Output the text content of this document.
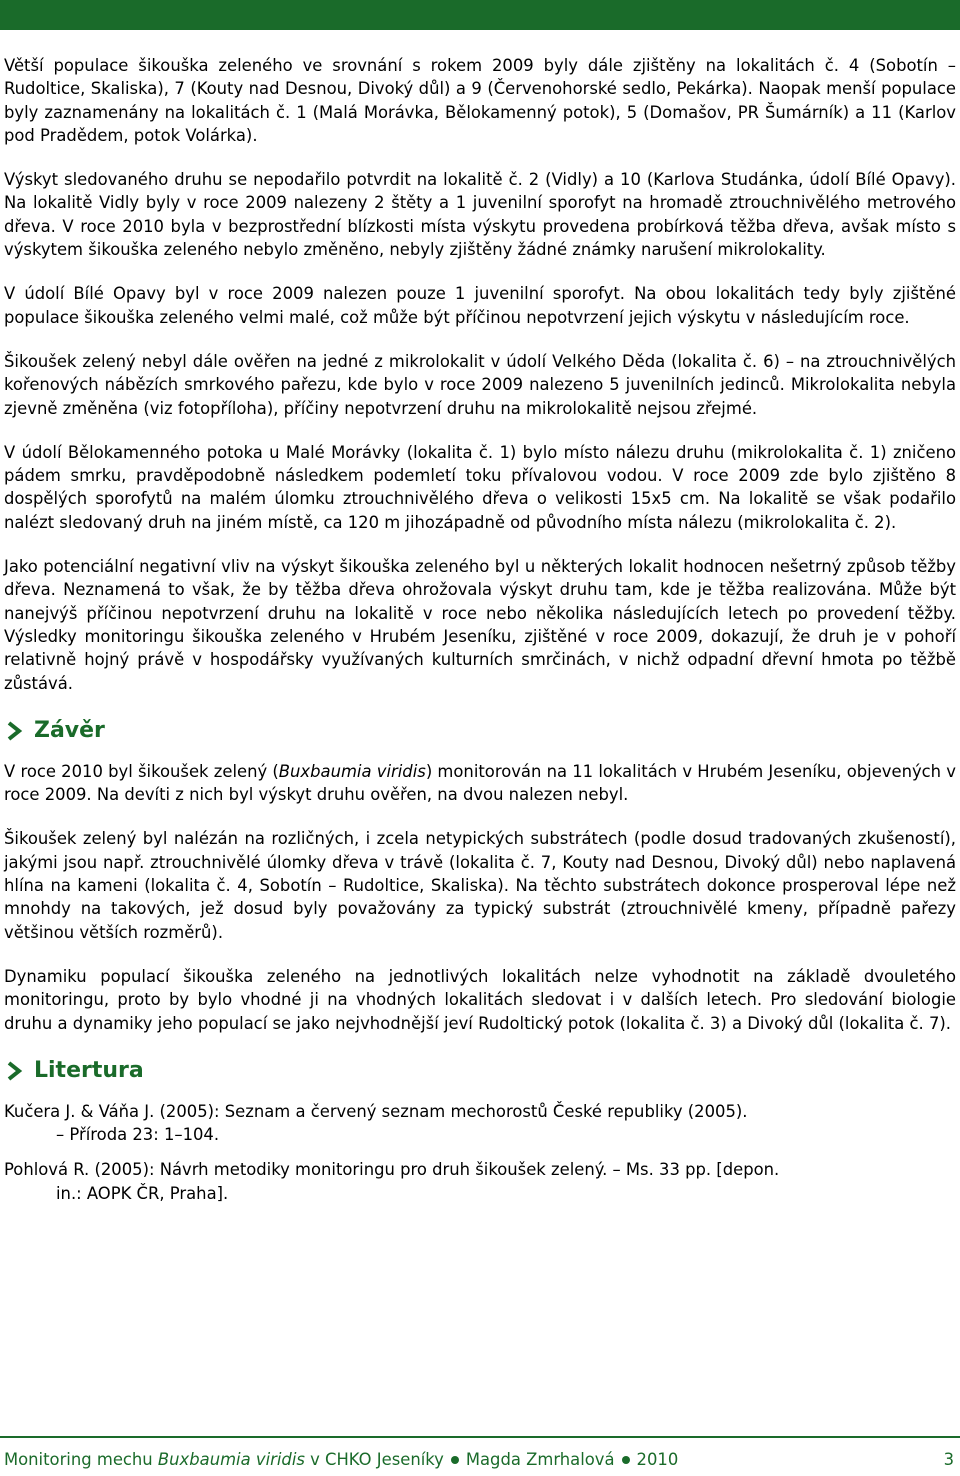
Větší populace šikouška zeleného ve srovnání s rokem 2009 byly dále zjištěny na lokalitách č. 4 (Sobotín – Rudoltice, Skaliska), 7 (Kouty nad Desnou, Divoký důl) a 9 (Červenohorské sedlo, Pekárka). Naopak menší populace byly zaznamenány na lokalitách č. 1 (Malá Morávka, Bělokamenný potok), 5 (Domašov, PR Šumárník) a 11 (Karlov pod Pradědem, potok Volárka).

Výskyt sledovaného druhu se nepodařilo potvrdit na lokalitě č. 2 (Vidly) a 10 (Karlova Studánka, údolí Bílé Opavy). Na lokalitě Vidly byly v roce 2009 nalezeny 2 štěty a 1 juvenilní sporofyt na hromadě ztrouchnivělého metrového dřeva. V roce 2010 byla v bezprostřední blízkosti místa výskytu provedena probírková těžba dřeva, avšak místo s výskytem šikouška zeleného nebylo změněno, nebyly zjištěny žádné známky narušení mikrolokality.

V údolí Bílé Opavy byl v roce 2009 nalezen pouze 1 juvenilní sporofyt. Na obou lokalitách tedy byly zjištěné populace šikouška zeleného velmi malé, což může být příčinou nepotvrzení jejich výskytu v následujícím roce.

Šikoušek zelený nebyl dále ověřen na jedné z mikrolokalit v údolí Velkého Děda (lokalita č. 6) – na ztrouchnivělých kořenových nábězích smrkového pařezu, kde bylo v roce 2009 nalezeno 5 juvenilních jedinců. Mikrolokalita nebyla zjevně změněna (viz fotopříloha), příčiny nepotvrzení druhu na mikrolokalitě nejsou zřejmé.

V údolí Bělokamenného potoka u Malé Morávky (lokalita č. 1) bylo místo nálezu druhu (mikrolokalita č. 1) zničeno pádem smrku, pravděpodobně následkem podemletí toku přívalovou vodou. V roce 2009 zde bylo zjištěno 8 dospělých sporofytů na malém úlomku ztrouchnivělého dřeva o velikosti 15x5 cm. Na lokalitě se však podařilo nalézt sledovaný druh na jiném místě, ca 120 m jihozápadně od původního místa nálezu (mikrolokalita č. 2).

Jako potenciální negativní vliv na výskyt šikouška zeleného byl u některých lokalit hodnocen nešetrný způsob těžby dřeva. Neznamená to však, že by těžba dřeva ohrožovala výskyt druhu tam, kde je těžba realizována. Může být nanejvýš příčinou nepotvrzení druhu na lokalitě v roce nebo několika následujících letech po provedení těžby. Výsledky monitoringu šikouška zeleného v Hrubém Jeseníku, zjištěné v roce 2009, dokazují, že druh je v pohoří relativně hojný právě v hospodářsky využívaných kulturních smrčinách, v nichž odpadní dřevní hmota po těžbě zůstává.

Závěr

V roce 2010 byl šikoušek zelený (Buxbaumia viridis) monitorován na 11 lokalitách v Hrubém Jeseníku, objevených v roce 2009. Na devíti z nich byl výskyt druhu ověřen, na dvou nalezen nebyl.

Šikoušek zelený byl nalézán na rozličných, i zcela netypických substrátech (podle dosud tradovaných zkušeností), jakými jsou např. ztrouchnivělé úlomky dřeva v trávě (lokalita č. 7, Kouty nad Desnou, Divoký důl) nebo naplavená hlína na kameni (lokalita č. 4, Sobotín – Rudoltice, Skaliska). Na těchto substrátech dokonce prosperoval lépe než mnohdy na takových, jež dosud byly považovány za typický substrát (ztrouchnivělé kmeny, případně pařezy většinou větších rozměrů).

Dynamiku populací šikouška zeleného na jednotlivých lokalitách nelze vyhodnotit na základě dvouletého monitoringu, proto by bylo vhodné ji na vhodných lokalitách sledovat i v dalších letech. Pro sledování biologie druhu a dynamiky jeho populací se jako nejvhodnější jeví Rudoltický potok (lokalita č. 3) a Divoký důl (lokalita č. 7).

Litertura
Kučera J. & Váňa J. (2005): Seznam a červený seznam mechorostů České republiky (2005).
– Příroda 23: 1–104.
Pohlová R. (2005): Návrh metodiky monitoringu pro druh šikoušek zelený. – Ms. 33 pp. [depon.
in.: AOPK ČR, Praha].
Monitoring mechu Buxbaumia viridis v CHKO Jeseníky Magda Zmrhalová 2010	3
